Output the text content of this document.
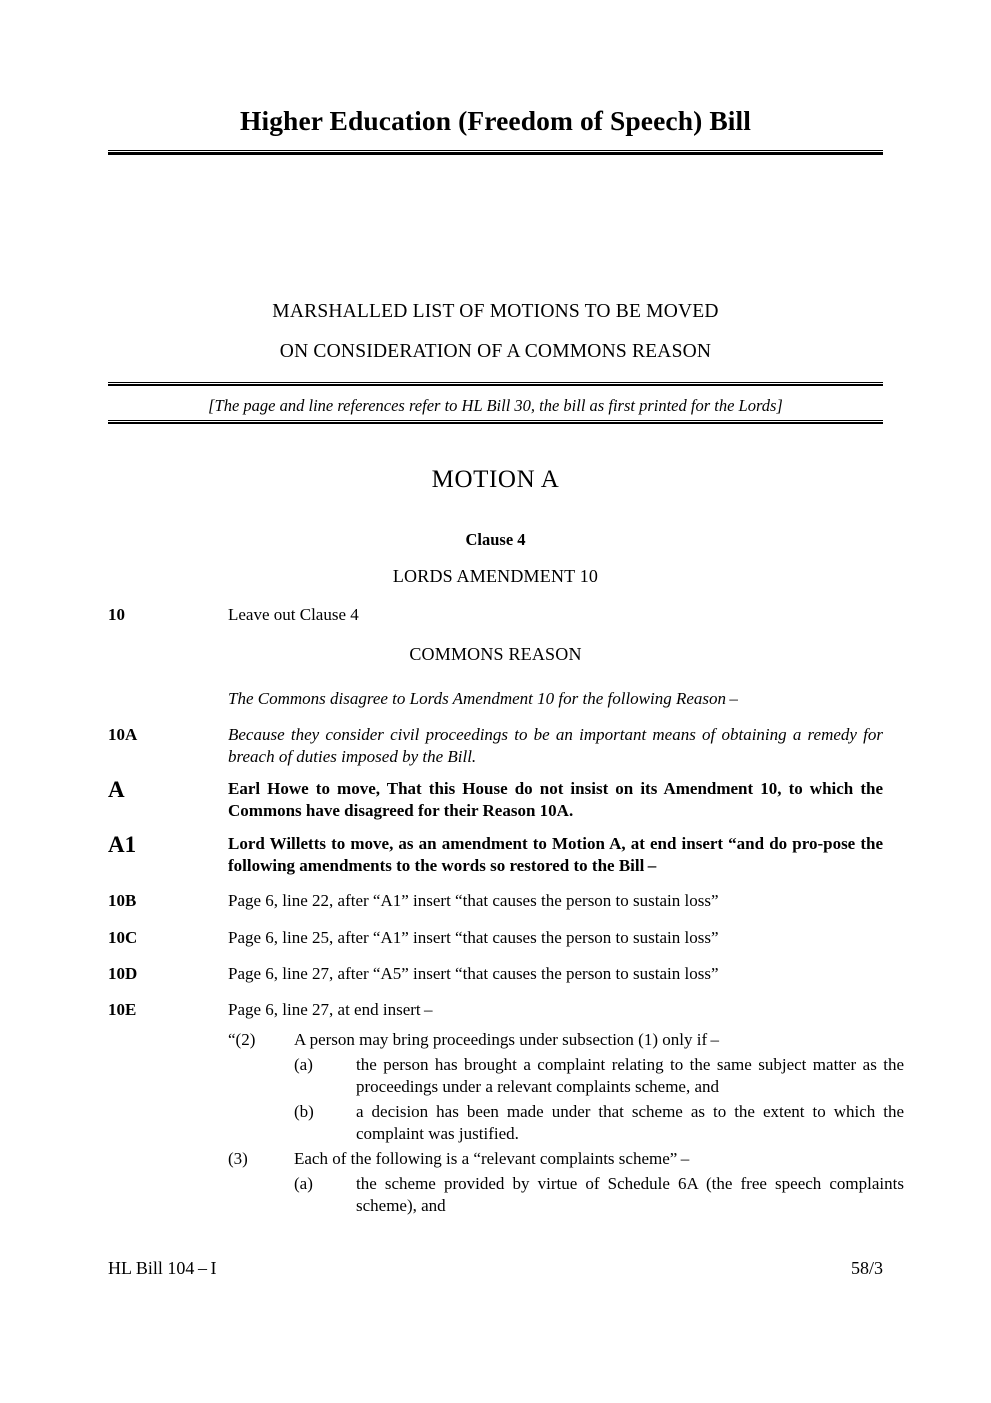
Higher Education (Freedom of Speech) Bill
MARSHALLED LIST OF MOTIONS TO BE MOVED
ON CONSIDERATION OF A COMMONS REASON
[The page and line references refer to HL Bill 30, the bill as first printed for the Lords]
MOTION A
Clause 4
LORDS AMENDMENT 10
10	Leave out Clause 4
COMMONS REASON
The Commons disagree to Lords Amendment 10 for the following Reason –
10A	Because they consider civil proceedings to be an important means of obtaining a remedy for breach of duties imposed by the Bill.
A	Earl Howe to move, That this House do not insist on its Amendment 10, to which the Commons have disagreed for their Reason 10A.
A1	Lord Willetts to move, as an amendment to Motion A, at end insert “and do pro-pose the following amendments to the words so restored to the Bill –
10B	Page 6, line 22, after “A1” insert “that causes the person to sustain loss”
10C	Page 6, line 25, after “A1” insert “that causes the person to sustain loss”
10D	Page 6, line 27, after “A5” insert “that causes the person to sustain loss”
10E	Page 6, line 27, at end insert –
“(2)	A person may bring proceedings under subsection (1) only if –
(a)	the person has brought a complaint relating to the same subject matter as the proceedings under a relevant complaints scheme, and
(b)	a decision has been made under that scheme as to the extent to which the complaint was justified.
(3)	Each of the following is a “relevant complaints scheme” –
(a)	the scheme provided by virtue of Schedule 6A (the free speech complaints scheme), and
HL Bill 104 – I	58/3
